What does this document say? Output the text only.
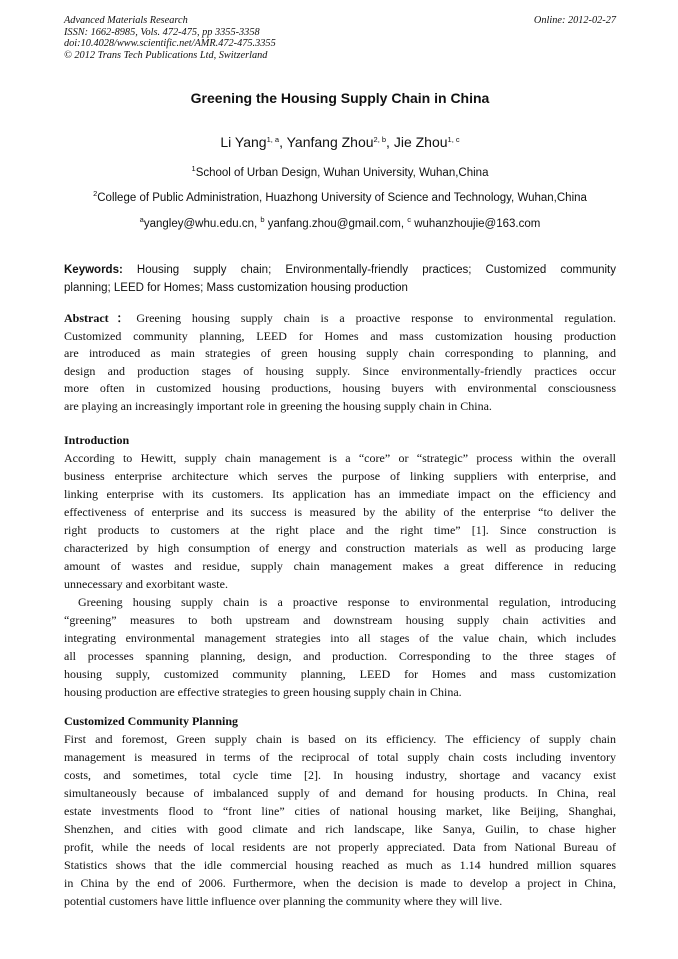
Advanced Materials Research
ISSN: 1662-8985, Vols. 472-475, pp 3355-3358
doi:10.4028/www.scientific.net/AMR.472-475.3355
© 2012 Trans Tech Publications Ltd, Switzerland
Online: 2012-02-27
Greening the Housing Supply Chain in China
Li Yang$^{1, a}$, Yanfang Zhou$^{2, b}$, Jie Zhou$^{1, c}$
$^1$School of Urban Design, Wuhan University, Wuhan,China
$^2$College of Public Administration, Huazhong University of Science and Technology, Wuhan,China
$^a$yangley@whu.edu.cn, $^b$ yanfang.zhou@gmail.com, $^c$ wuhanzhoujie@163.com
Keywords: Housing supply chain; Environmentally-friendly practices; Customized community
planning; LEED for Homes; Mass customization housing production
Abstract：Greening housing supply chain is a proactive response to environmental regulation.
Customized community planning, LEED for Homes and mass customization housing production
are introduced as main strategies of green housing supply chain corresponding to planning, and
design and production stages of housing supply. Since environmentally-friendly practices occur
more often in customized housing productions, housing buyers with environmental consciousness
are playing an increasingly important role in greening the housing supply chain in China.
Introduction
According to Hewitt, supply chain management is a “core” or “strategic” process within the overall
business enterprise architecture which serves the purpose of linking suppliers with enterprise, and
linking enterprise with its customers. Its application has an immediate impact on the efficiency and
effectiveness of enterprise and its success is measured by the ability of the enterprise “to deliver the
right products to customers at the right place and the right time” [1]. Since construction is
characterized by high consumption of energy and construction materials as well as producing large
amount of wastes and residue, supply chain management makes a great difference in reducing
unnecessary and exorbitant waste.
Greening housing supply chain is a proactive response to environmental regulation, introducing
“greening” measures to both upstream and downstream housing supply chain activities and
integrating environmental management strategies into all stages of the value chain, which includes
all processes spanning planning, design, and production. Corresponding to the three stages of
housing supply, customized community planning, LEED for Homes and mass customization
housing production are effective strategies to green housing supply chain in China.
Customized Community Planning
First and foremost, Green supply chain is based on its efficiency. The efficiency of supply chain
management is measured in terms of the reciprocal of total supply chain costs including inventory
costs, and sometimes, total cycle time [2]. In housing industry, shortage and vacancy exist
simultaneously because of imbalanced supply of and demand for housing products. In China, real
estate investments flood to “front line” cities of national housing market, like Beijing, Shanghai,
Shenzhen, and cities with good climate and rich landscape, like Sanya, Guilin, to chase higher
profit, while the needs of local residents are not properly appreciated. Data from National Bureau of
Statistics shows that the idle commercial housing reached as much as 1.14 hundred million squares
in China by the end of 2006. Furthermore, when the decision is made to develop a project in China,
potential customers have little influence over planning the community where they will live.
